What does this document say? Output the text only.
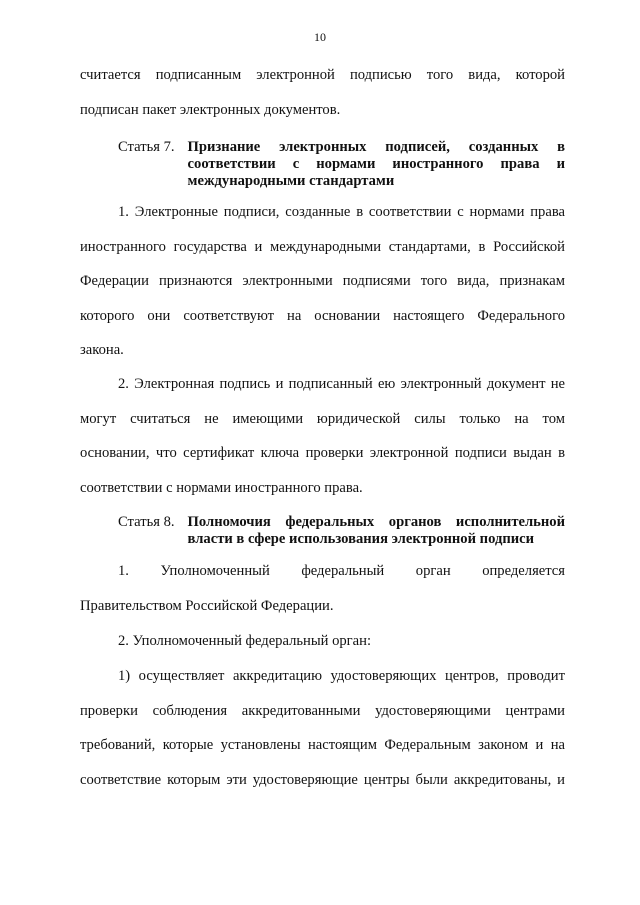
10

считается подписанным электронной подписью того вида, которой

подписан пакет электронных документов.

Статья 7. Признание электронных подписей, созданных в соответствии с нормами иностранного права и международными стандартами

1. Электронные подписи, созданные в соответствии с нормами права

иностранного государства и международными стандартами, в Российской

Федерации признаются электронными подписями того вида, признакам

которого они соответствуют на основании настоящего Федерального

закона.

2. Электронная подпись и подписанный ею электронный документ не

могут считаться не имеющими юридической силы только на том

основании, что сертификат ключа проверки электронной подписи выдан в

соответствии с нормами иностранного права.

Статья 8. Полномочия федеральных органов исполнительной власти в сфере использования электронной подписи

1. Уполномоченный федеральный орган определяется

Правительством Российской Федерации.

2. Уполномоченный федеральный орган:

1) осуществляет аккредитацию удостоверяющих центров, проводит

проверки соблюдения аккредитованными удостоверяющими центрами

требований, которые установлены настоящим Федеральным законом и на

соответствие которым эти удостоверяющие центры были аккредитованы, и
